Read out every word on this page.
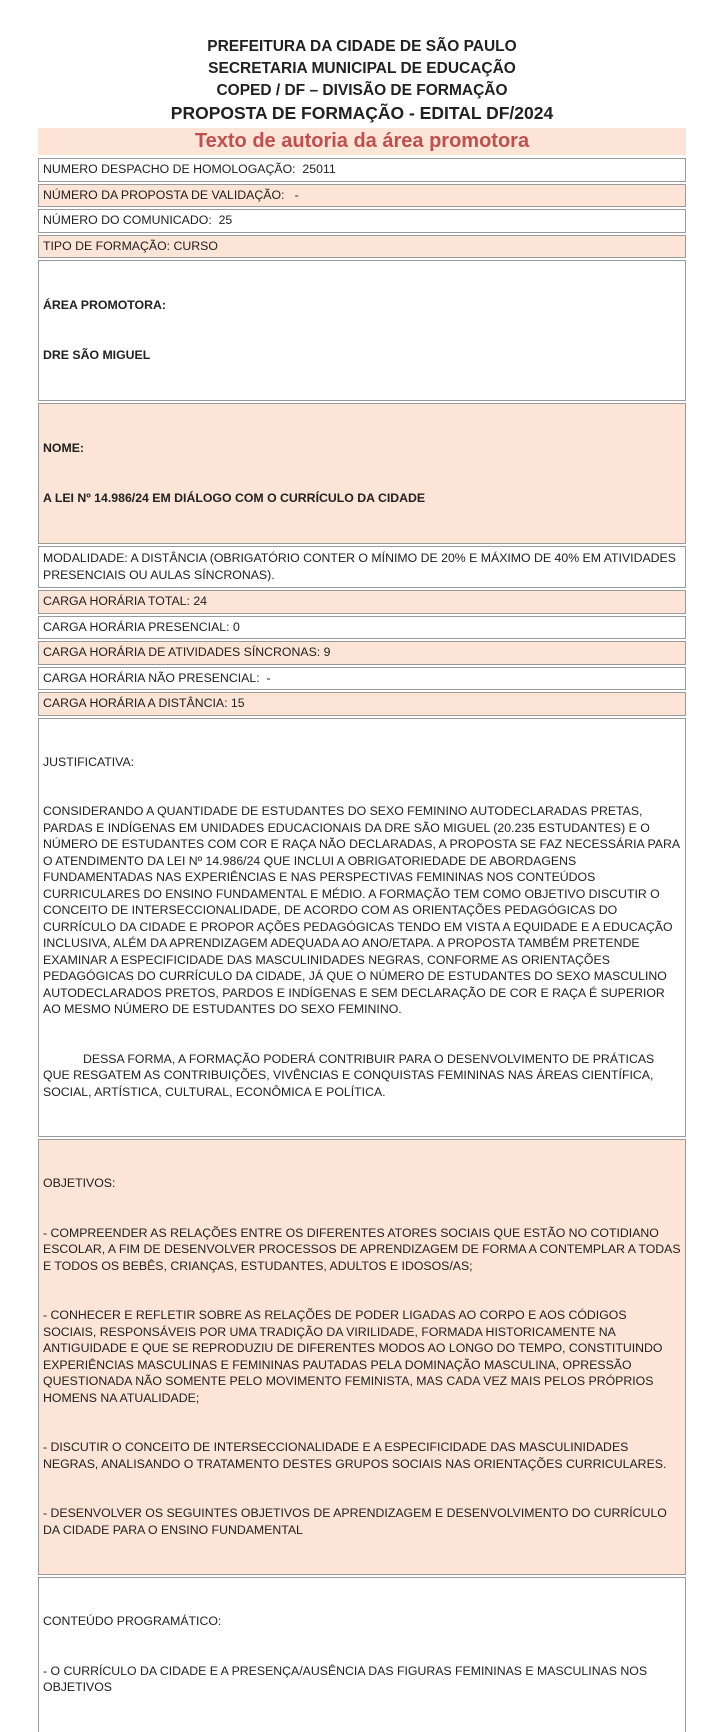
PREFEITURA DA CIDADE DE SÃO PAULO
SECRETARIA MUNICIPAL DE EDUCAÇÃO
COPED / DF – DIVISÃO DE FORMAÇÃO
PROPOSTA DE FORMAÇÃO - EDITAL DF/2024
Texto de autoria da área promotora
NUMERO DESPACHO DE HOMOLOGAÇÃO:  25011
NÚMERO DA PROPOSTA DE VALIDAÇÃO:   -
NÚMERO DO COMUNICADO:  25
TIPO DE FORMAÇÃO: CURSO

ÁREA PROMOTORA:

DRE SÃO MIGUEL

NOME:

A LEI Nº 14.986/24 EM DIÁLOGO COM O CURRÍCULO DA CIDADE

MODALIDADE: A DISTÂNCIA (OBRIGATÓRIO CONTER O MÍNIMO DE 20% E MÁXIMO DE 40% EM ATIVIDADES PRESENCIAIS OU AULAS SÍNCRONAS).
CARGA HORÁRIA TOTAL: 24
CARGA HORÁRIA PRESENCIAL: 0
CARGA HORÁRIA DE ATIVIDADES SÍNCRONAS: 9
CARGA HORÁRIA NÃO PRESENCIAL:  -
CARGA HORÁRIA A DISTÂNCIA: 15

JUSTIFICATIVA:

CONSIDERANDO A QUANTIDADE DE ESTUDANTES DO SEXO FEMININO AUTODECLARADAS PRETAS, PARDAS E INDÍGENAS EM UNIDADES EDUCACIONAIS DA DRE SÃO MIGUEL (20.235 ESTUDANTES) E O NÚMERO DE ESTUDANTES COM COR E RAÇA NÃO DECLARADAS, A PROPOSTA SE FAZ NECESSÁRIA PARA O ATENDIMENTO DA LEI Nº 14.986/24 QUE INCLUI A OBRIGATORIEDADE DE ABORDAGENS FUNDAMENTADAS NAS EXPERIÊNCIAS E NAS PERSPECTIVAS FEMININAS NOS CONTEÚDOS CURRICULARES DO ENSINO FUNDAMENTAL E MÉDIO. A FORMAÇÃO TEM COMO OBJETIVO DISCUTIR O CONCEITO DE INTERSECCIONALIDADE, DE ACORDO COM AS ORIENTAÇÕES PEDAGÓGICAS DO CURRÍCULO DA CIDADE E PROPOR AÇÕES PEDAGÓGICAS TENDO EM VISTA A EQUIDADE E A EDUCAÇÃO INCLUSIVA, ALÉM DA APRENDIZAGEM ADEQUADA AO ANO/ETAPA. A PROPOSTA TAMBÉM PRETENDE EXAMINAR A ESPECIFICIDADE DAS MASCULINIDADES NEGRAS, CONFORME AS ORIENTAÇÕES PEDAGÓGICAS DO CURRÍCULO DA CIDADE, JÁ QUE O NÚMERO DE ESTUDANTES DO SEXO MASCULINO AUTODECLARADOS PRETOS, PARDOS E INDÍGENAS E SEM DECLARAÇÃO DE COR E RAÇA É SUPERIOR AO MESMO NÚMERO DE ESTUDANTES DO SEXO FEMININO.

DESSA FORMA, A FORMAÇÃO PODERÁ CONTRIBUIR PARA O DESENVOLVIMENTO DE PRÁTICAS QUE RESGATEM AS CONTRIBUIÇÕES, VIVÊNCIAS E CONQUISTAS FEMININAS NAS ÁREAS CIENTÍFICA, SOCIAL, ARTÍSTICA, CULTURAL, ECONÔMICA E POLÍTICA.

OBJETIVOS:

- COMPREENDER AS RELAÇÕES ENTRE OS DIFERENTES ATORES SOCIAIS QUE ESTÃO NO COTIDIANO ESCOLAR, A FIM DE DESENVOLVER PROCESSOS DE APRENDIZAGEM DE FORMA A CONTEMPLAR A TODAS E TODOS OS BEBÊS, CRIANÇAS, ESTUDANTES, ADULTOS E IDOSOS/AS;

- CONHECER E REFLETIR SOBRE AS RELAÇÕES DE PODER LIGADAS AO CORPO E AOS CÓDIGOS SOCIAIS, RESPONSÁVEIS POR UMA TRADIÇÃO DA VIRILIDADE, FORMADA HISTORICAMENTE NA ANTIGUIDADE E QUE SE REPRODUZIU DE DIFERENTES MODOS AO LONGO DO TEMPO, CONSTITUINDO EXPERIÊNCIAS MASCULINAS E FEMININAS PAUTADAS PELA DOMINAÇÃO MASCULINA, OPRESSÃO QUESTIONADA NÃO SOMENTE PELO MOVIMENTO FEMINISTA, MAS CADA VEZ MAIS PELOS PRÓPRIOS HOMENS NA ATUALIDADE;

- DISCUTIR O CONCEITO DE INTERSECCIONALIDADE E A ESPECIFICIDADE DAS MASCULINIDADES NEGRAS, ANALISANDO O TRATAMENTO DESTES GRUPOS SOCIAIS NAS ORIENTAÇÕES CURRICULARES.

- DESENVOLVER OS SEGUINTES OBJETIVOS DE APRENDIZAGEM E DESENVOLVIMENTO DO CURRÍCULO DA CIDADE PARA O ENSINO FUNDAMENTAL

CONTEÚDO PROGRAMÁTICO:

- O CURRÍCULO DA CIDADE E A PRESENÇA/AUSÊNCIA DAS FIGURAS FEMININAS E MASCULINAS NOS OBJETIVOS
